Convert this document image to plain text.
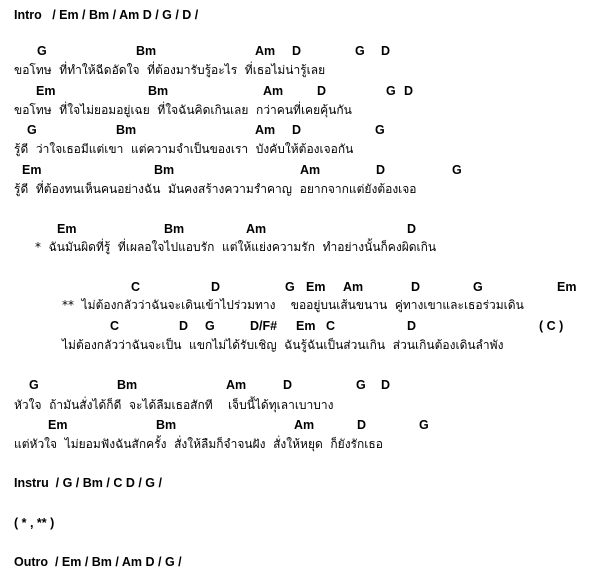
Intro   / Em / Bm / Am D / G / D /
G	Bm	Am D	G D
ขอโทษ  ที่ทำให้ฉีดอัดใจ  ที่ต้องมารับรู้อะไร  ที่เธอไม่น่ารู้เลย
Em	Bm	Am	D	G D
ขอโทษ  ที่ใจไม่ยอมอยู่เฉย  ที่ใจฉันคิดเกินเลย  กว่าคนที่เคยคุ้นกัน
G	Bm	Am D	G
รู้ดี  ว่าใจเธอมีแต่เขา  แต่ความจำเป็นของเรา  บังคับให้ต้องเจอกัน
Em	Bm	Am	D	G
รู้ดี  ที่ต้องทนเห็นคนอย่างฉัน  มันคงสร้างความรำคาญ  อยากจากแต่ยังต้องเจอ
Em	Bm	Am	D
*  ฉันมันผิดที่รู้  ที่เผลอใจไปแอบรัก  แต่ให้แย่งความรัก  ทำอย่างนั้นก็คงผิดเกิน
C	D	G Em Am	D	G	Em
**  ไม่ต้องกลัวว่าฉันจะเดินเข้าไปร่วมทาง    ขออยู่บนเส้นขนาน  คู่ทางเขาและเธอร่วมเดิน
C	D G	D/F# Em C	D	( C )
ไม่ต้องกลัวว่าฉันจะเป็น  แขกไม่ได้รับเชิญ  ฉันรู้ฉันเป็นส่วนเกิน  ส่วนเกินต้องเดินลำพัง
G	Bm	Am	D	G D
หัวใจ  ถ้ามันสั่งได้ก็ดี  จะได้ลืมเธอสักที    เจ็บนี้ได้ทุเลาเบาบาง
Em	Bm	Am	D	G
แต่หัวใจ  ไม่ยอมฟังฉันสักครั้ง  สั่งให้ลืมก็จำจนฝัง  สั่งให้หยุด  ก็ยังรักเธอ
Instru  / G / Bm / C D / G /
( * , ** )
Outro  / Em / Bm / Am D / G /
